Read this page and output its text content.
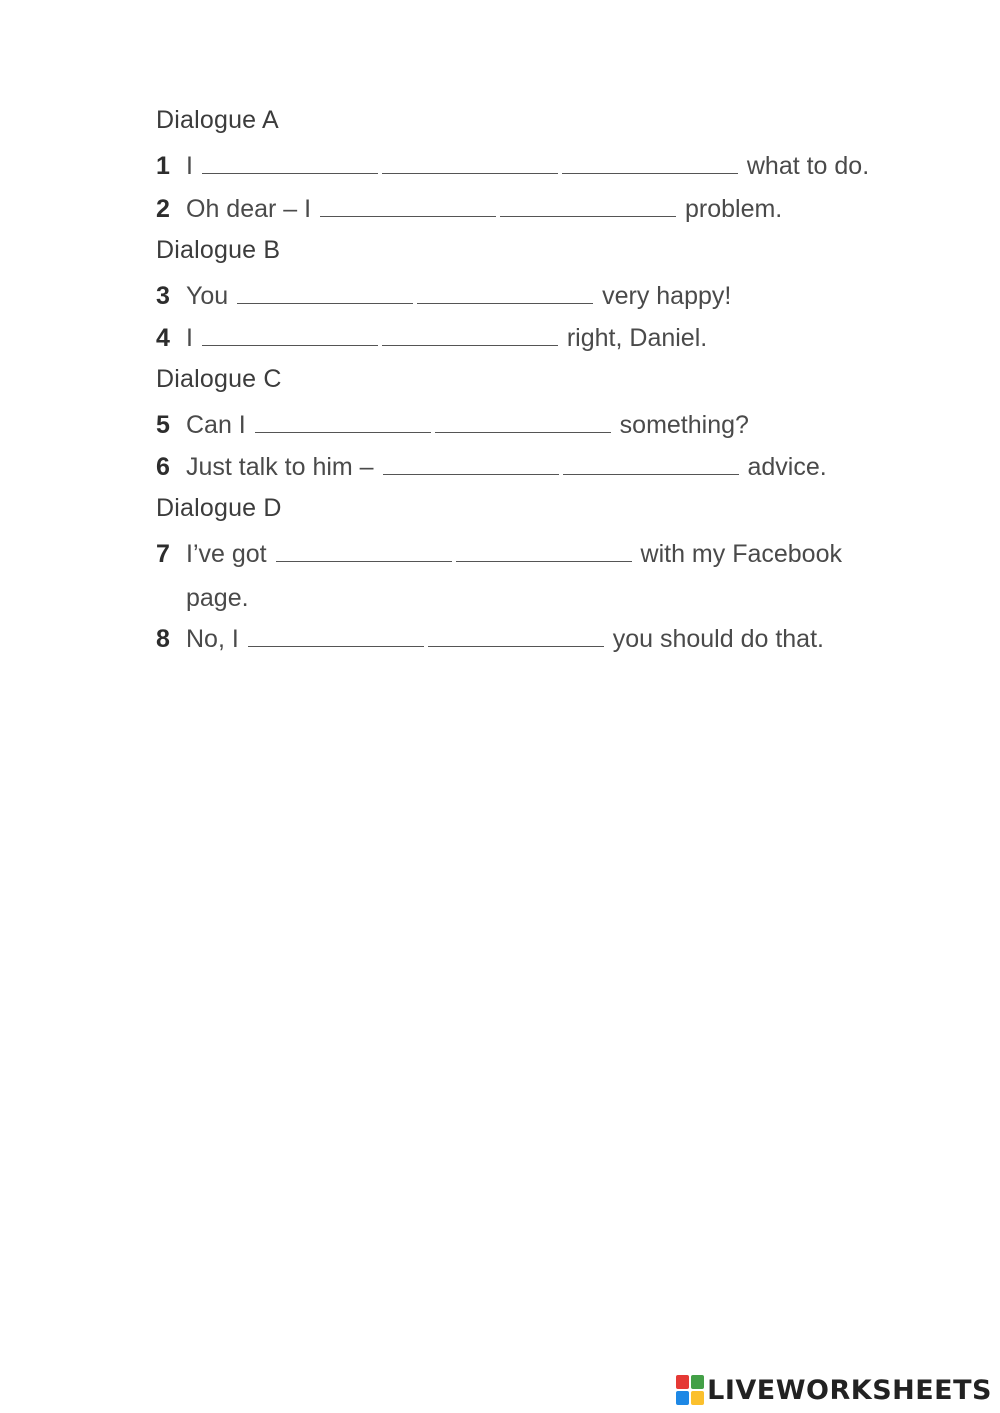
Dialogue A
1 I	what to do.
2 Oh dear – I	problem.
Dialogue B
3 You	very happy!
4 I	right, Daniel.
Dialogue C
5 Can I	something?
6 Just talk to him –	advice.
Dialogue D
7 I’ve got	with my Facebook
page.
8 No, I	you should do that.
LIVEWORKSHEETS
